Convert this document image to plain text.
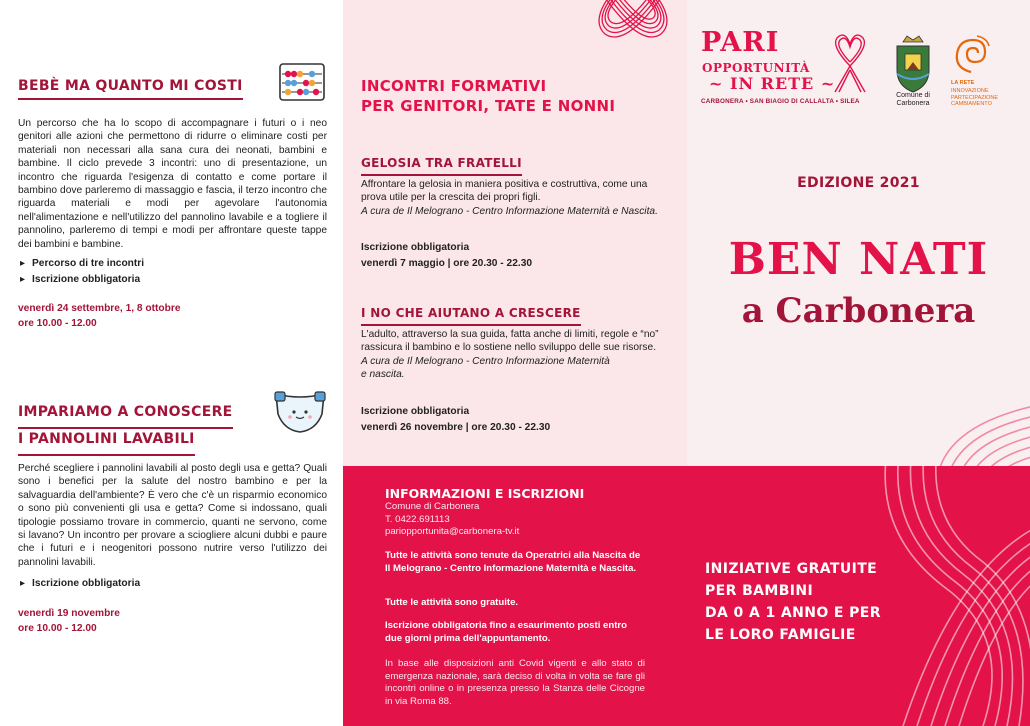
BEBÈ MA QUANTO MI COSTI

Un percorso che ha lo scopo di accompagnare i futuri o i neo genitori alle azioni che permettono di ridurre o eliminare costi per materiali non necessari alla sana cura dei neonati, bambini e bambine. Il ciclo prevede 3 incontri: uno di presentazione, un incontro che riguarda l'esigenza di contatto e come portare il bambino dove parleremo di massaggio e fascia, il terzo incontro che riguarda materiali e modi per agevolare l'autonomia nell'alimentazione e nell'utilizzo del pannolino lavabile e a togliere il pannolino, parleremo di tempi e modi per affrontare queste tappe dei bambini e bambine.

▸ Percorso di tre incontri
▸ Iscrizione obbligatoria
venerdì 24 settembre, 1, 8 ottobre
ore 10.00 - 12.00
IMPARIAMO A CONOSCERE
I PANNOLINI LAVABILI

Perché scegliere i pannolini lavabili al posto degli usa e getta? Quali sono i benefici per la salute del nostro bambino e per la salvaguardia dell'ambiente? È vero che c'è un risparmio economico o sono più convenienti gli usa e getta? Come si indossano, quali tipologie possiamo trovare in commercio, quanti ne servono, come si lavano? Un incontro per provare a sciogliere alcuni dubbi e paure che i futuri e i neogenitori possono nutrire verso l'utilizzo dei pannolini lavabili.

▸ Iscrizione obbligatoria
venerdì 19 novembre
ore 10.00 - 12.00
INCONTRI FORMATIVI
PER GENITORI, TATE E NONNI
GELOSIA TRA FRATELLI
Affrontare la gelosia in maniera positiva e costruttiva, come una prova utile per la crescita dei propri figli.
A cura de Il Melograno - Centro Informazione Maternità e Nascita.
Iscrizione obbligatoria
venerdì 7 maggio | ore 20.30 - 22.30
I NO CHE AIUTANO A CRESCERE
L'adulto, attraverso la sua guida, fatta anche di limiti, regole e “no” rassicura il bambino e lo sostiene nello sviluppo delle sue risorse.
A cura de Il Melograno - Centro Informazione Maternità
e nascita.
Iscrizione obbligatoria
venerdì 26 novembre | ore 20.30 - 22.30
PARI
OPPORTUNITÀ
~ IN RETE ~
CARBONERA • SAN BIAGIO DI CALLALTA • SILEA
Comune di
Carbonera
LA RETE
INNOVAZIONE PARTECIPAZIONE CAMBIAMENTO
EDIZIONE 2021
BEN NATI
a Carbonera
INFORMAZIONI E ISCRIZIONI
Comune di Carbonera
T. 0422.691113
pariopportunita@carbonera-tv.it

Tutte le attività sono tenute da Operatrici alla Nascita de Il Melograno - Centro Informazione Maternità e Nascita.

Tutte le attività sono gratuite.

Iscrizione obbligatoria fino a esaurimento posti entro due giorni prima dell'appuntamento.

In base alle disposizioni anti Covid vigenti e allo stato di emergenza nazionale, sarà deciso di volta in volta se fare gli incontri online o in presenza presso la Stanza delle Cicogne in via Roma 88.

INIZIATIVE GRATUITE
PER BAMBINI
DA 0 A 1 ANNO E PER
LE LORO FAMIGLIE
